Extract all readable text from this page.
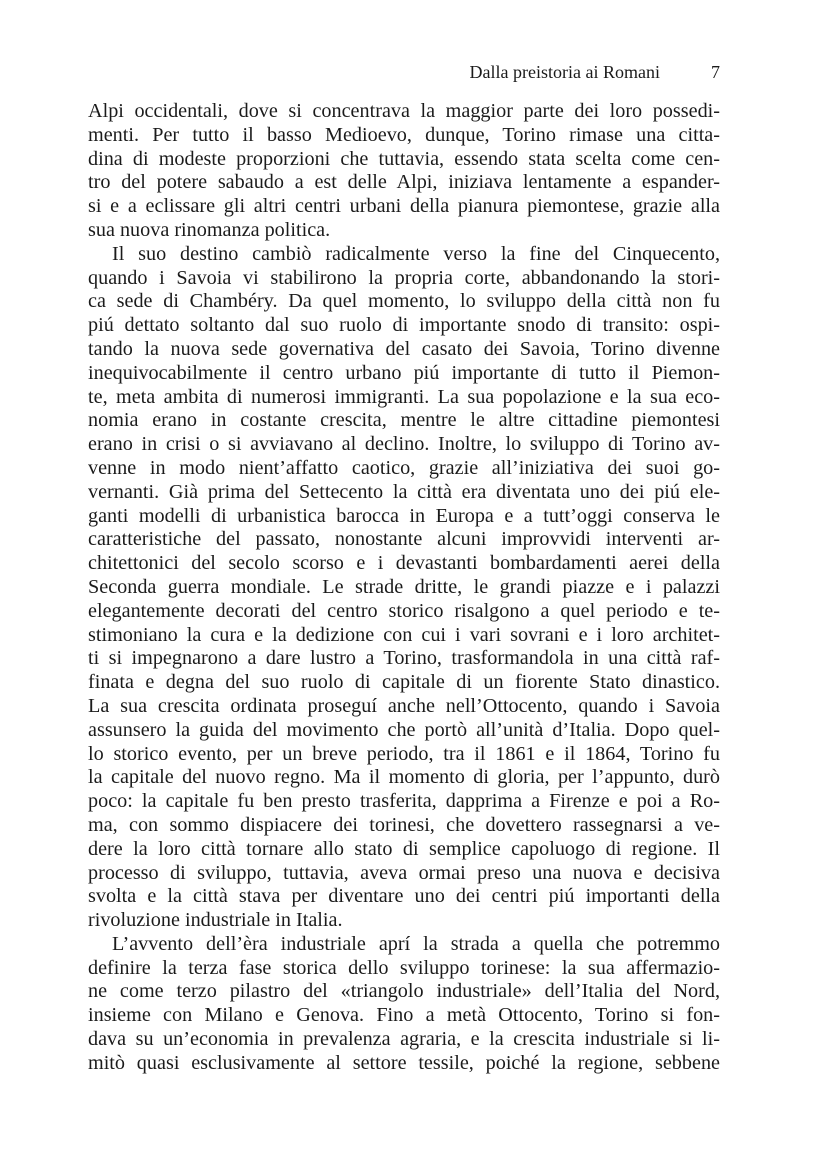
Dalla preistoria ai Romani	7
Alpi occidentali, dove si concentrava la maggior parte dei loro possedi-
menti. Per tutto il basso Medioevo, dunque, Torino rimase una citta-
dina di modeste proporzioni che tuttavia, essendo stata scelta come cen-
tro del potere sabaudo a est delle Alpi, iniziava lentamente a espander-
si e a eclissare gli altri centri urbani della pianura piemontese, grazie alla
sua nuova rinomanza politica.
Il suo destino cambiò radicalmente verso la fine del Cinquecento,
quando i Savoia vi stabilirono la propria corte, abbandonando la stori-
ca sede di Chambéry. Da quel momento, lo sviluppo della città non fu
piú dettato soltanto dal suo ruolo di importante snodo di transito: ospi-
tando la nuova sede governativa del casato dei Savoia, Torino divenne
inequivocabilmente il centro urbano piú importante di tutto il Piemon-
te, meta ambita di numerosi immigranti. La sua popolazione e la sua eco-
nomia erano in costante crescita, mentre le altre cittadine piemontesi
erano in crisi o si avviavano al declino. Inoltre, lo sviluppo di Torino av-
venne in modo nient’affatto caotico, grazie all’iniziativa dei suoi go-
vernanti. Già prima del Settecento la città era diventata uno dei piú ele-
ganti modelli di urbanistica barocca in Europa e a tutt’oggi conserva le
caratteristiche del passato, nonostante alcuni improvvidi interventi ar-
chitettonici del secolo scorso e i devastanti bombardamenti aerei della
Seconda guerra mondiale. Le strade dritte, le grandi piazze e i palazzi
elegantemente decorati del centro storico risalgono a quel periodo e te-
stimoniano la cura e la dedizione con cui i vari sovrani e i loro architet-
ti si impegnarono a dare lustro a Torino, trasformandola in una città raf-
finata e degna del suo ruolo di capitale di un fiorente Stato dinastico.
La sua crescita ordinata proseguí anche nell’Ottocento, quando i Savoia
assunsero la guida del movimento che portò all’unità d’Italia. Dopo quel-
lo storico evento, per un breve periodo, tra il 1861 e il 1864, Torino fu
la capitale del nuovo regno. Ma il momento di gloria, per l’appunto, durò
poco: la capitale fu ben presto trasferita, dapprima a Firenze e poi a Ro-
ma, con sommo dispiacere dei torinesi, che dovettero rassegnarsi a ve-
dere la loro città tornare allo stato di semplice capoluogo di regione. Il
processo di sviluppo, tuttavia, aveva ormai preso una nuova e decisiva
svolta e la città stava per diventare uno dei centri piú importanti della
rivoluzione industriale in Italia.
L’avvento dell’èra industriale aprí la strada a quella che potremmo
definire la terza fase storica dello sviluppo torinese: la sua affermazio-
ne come terzo pilastro del «triangolo industriale» dell’Italia del Nord,
insieme con Milano e Genova. Fino a metà Ottocento, Torino si fon-
dava su un’economia in prevalenza agraria, e la crescita industriale si li-
mitò quasi esclusivamente al settore tessile, poiché la regione, sebbene
